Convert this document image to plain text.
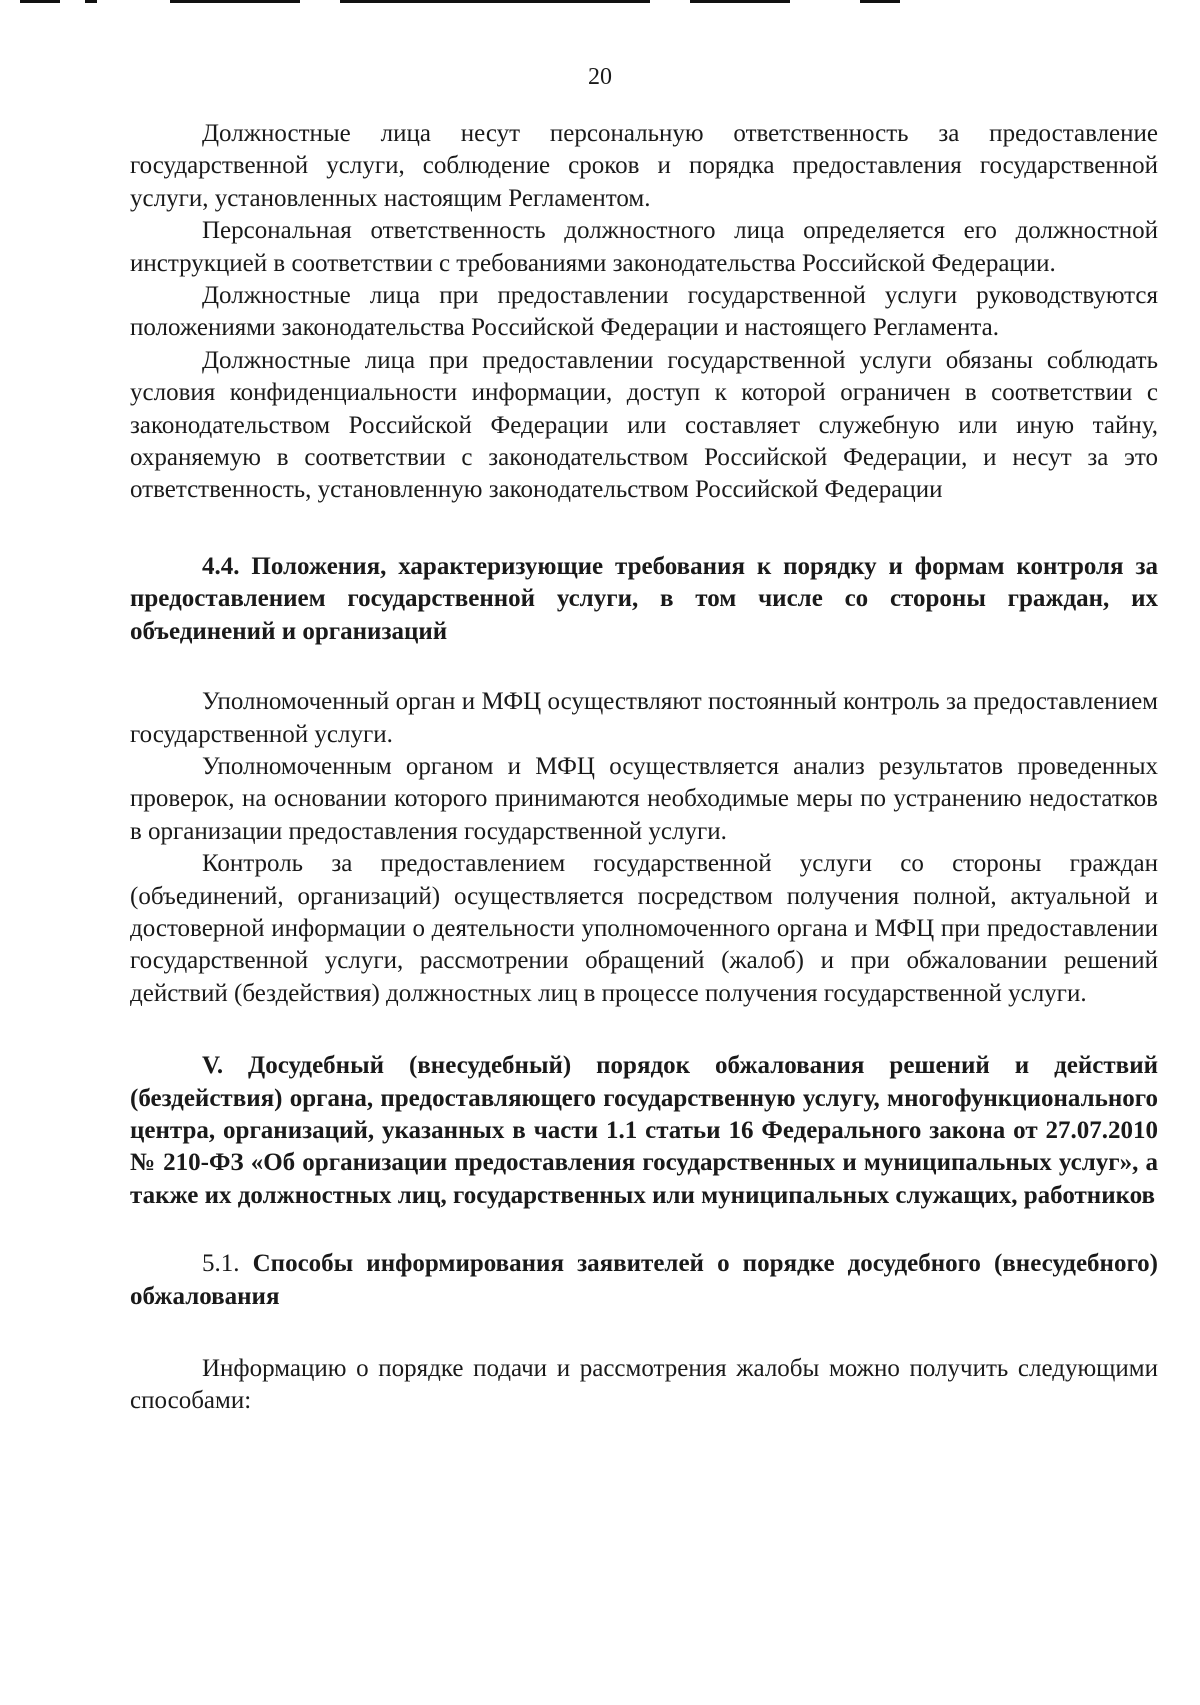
20

Должностные лица несут персональную ответственность за предоставление государственной услуги, соблюдение сроков и порядка предоставления государственной услуги, установленных настоящим Регламентом.

Персональная ответственность должностного лица определяется его должностной инструкцией в соответствии с требованиями законодательства Российской Федерации.

Должностные лица при предоставлении государственной услуги руководствуются положениями законодательства Российской Федерации и настоящего Регламента.

Должностные лица при предоставлении государственной услуги обязаны соблюдать условия конфиденциальности информации, доступ к которой ограничен в соответствии с законодательством Российской Федерации или составляет служебную или иную тайну, охраняемую в соответствии с законодательством Российской Федерации, и несут за это ответственность, установленную законодательством Российской Федерации

4.4. Положения, характеризующие требования к порядку и формам контроля за предоставлением государственной услуги, в том числе со стороны граждан, их объединений и организаций

Уполномоченный орган и МФЦ осуществляют постоянный контроль за предоставлением государственной услуги.

Уполномоченным органом и МФЦ осуществляется анализ результатов проведенных проверок, на основании которого принимаются необходимые меры по устранению недостатков в организации предоставления государственной услуги.

Контроль за предоставлением государственной услуги со стороны граждан (объединений, организаций) осуществляется посредством получения полной, актуальной и достоверной информации о деятельности уполномоченного органа и МФЦ при предоставлении государственной услуги, рассмотрении обращений (жалоб) и при обжаловании решений действий (бездействия) должностных лиц в процессе получения государственной услуги.

V. Досудебный (внесудебный) порядок обжалования решений и действий (бездействия) органа, предоставляющего государственную услугу, многофункционального центра, организаций, указанных в части 1.1 статьи 16 Федерального закона от 27.07.2010 № 210-ФЗ «Об организации предоставления государственных и муниципальных услуг», а также их должностных лиц, государственных или муниципальных служащих, работников

5.1. Способы информирования заявителей о порядке досудебного (внесудебного) обжалования

Информацию о порядке подачи и рассмотрения жалобы можно получить следующими способами:
